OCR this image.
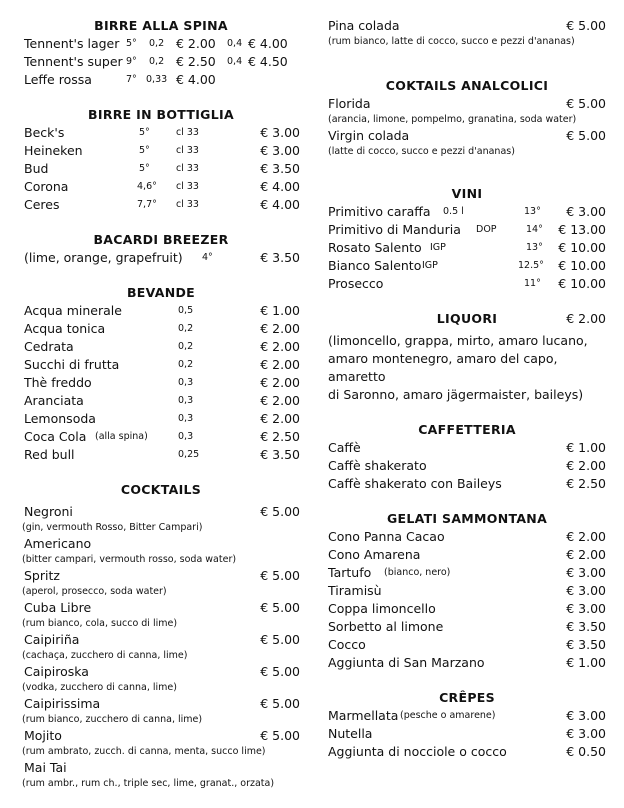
BIRRE ALLA SPINA
Tennent's lager 5° 0,2 € 2.00 0,4 € 4.00
Tennent's super 9° 0,2 € 2.50 0,4 € 4.50
Leffe rossa	7° 0,33 € 4.00
BIRRE IN BOTTIGLIA
Beck's	5°	cl 33	€ 3.00
Heineken	5°	cl 33	€ 3.00
Bud	5°	cl 33	€ 3.50
Corona	4,6° cl 33	€ 4.00
Ceres	7,7° cl 33	€ 4.00
BACARDI BREEZER
(lime, orange, grapefruit) 4°	€ 3.50
BEVANDE
Acqua minerale	0,5	€ 1.00
Acqua tonica	0,2	€ 2.00
Cedrata	0,2	€ 2.00
Succhi di frutta	0,2	€ 2.00
Thè freddo	0,3	€ 2.00
Aranciata	0,3	€ 2.00
Lemonsoda	0,3	€ 2.00
Coca Cola (alla spina)	0,3	€ 2.50
Red bull	0,25	€ 3.50
COCKTAILS
Negroni	€ 5.00
(gin, vermouth Rosso, Bitter Campari)
Americano
(bitter campari, vermouth rosso, soda water)
Spritz	€ 5.00
(aperol, prosecco, soda water)
Cuba Libre	€ 5.00
(rum bianco, cola, succo di lime)
Caipiriña	€ 5.00
(cachaça, zucchero di canna, lime)
Caipiroska	€ 5.00
(vodka, zucchero di canna, lime)
Caipirissima	€ 5.00
(rum bianco, zucchero di canna, lime)
Mojito	€ 5.00
(rum ambrato, zucch. di canna, menta, succo lime)
Mai Tai
(rum ambr., rum ch., triple sec, lime, granat., orzata)
Pina colada	€ 5.00
(rum bianco, latte di cocco, succo e pezzi d'ananas)
COKTAILS ANALCOLICI
Florida	€ 5.00
(arancia, limone, pompelmo, granatina, soda water)
Virgin colada	€ 5.00
(latte di cocco, succo e pezzi d'ananas)
VINI
Primitivo caraffa 0.5 l	13° € 3.00
Primitivo di Manduria DOP	14° € 13.00
Rosato Salento IGP	13° € 10.00
Bianco Salento IGP	12.5° € 10.00
Prosecco	11° € 10.00
LIQUORI	€ 2.00
(limoncello, grappa, mirto, amaro lucano,
amaro montenegro, amaro del capo, amaretto
di Saronno, amaro jägermaister, baileys)
CAFFETTERIA
Caffè	€ 1.00
Caffè shakerato	€ 2.00
Caffè shakerato con Baileys	€ 2.50
GELATI SAMMONTANA
Cono Panna Cacao	€ 2.00
Cono Amarena	€ 2.00
Tartufo (bianco, nero)	€ 3.00
Tiramisù	€ 3.00
Coppa limoncello	€ 3.00
Sorbetto al limone	€ 3.50
Cocco	€ 3.50
Aggiunta di San Marzano	€ 1.00
CRÊPES
Marmellata (pesche o amarene)	€ 3.00
Nutella	€ 3.00
Aggiunta di nocciole o cocco	€ 0.50
